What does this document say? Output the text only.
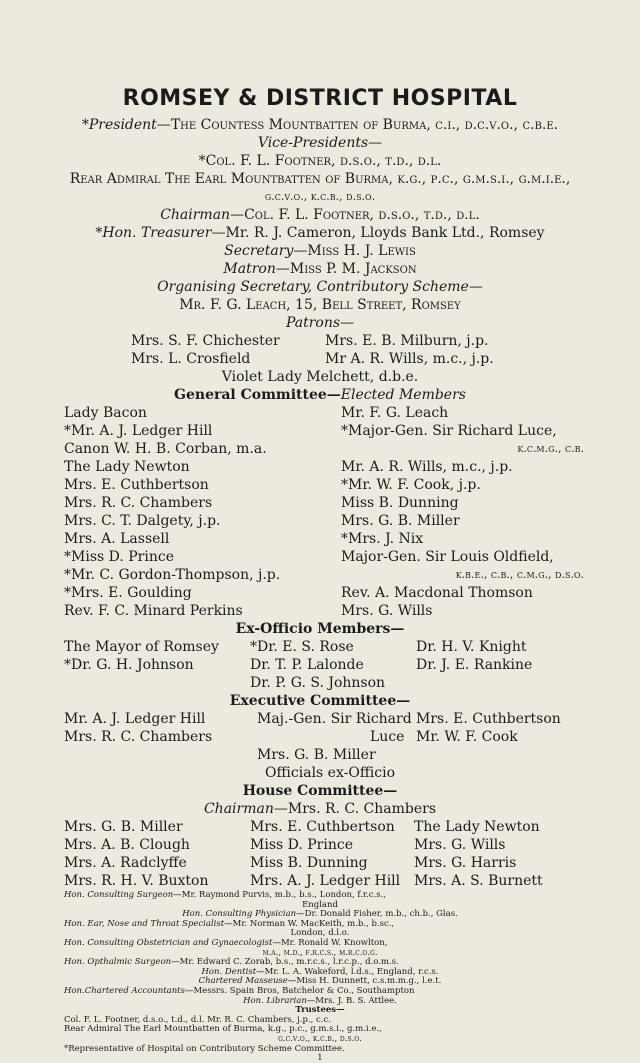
ROMSEY & DISTRICT HOSPITAL
*President—The Countess Mountbatten of Burma, c.i., d.c.v.o., c.b.e.
Vice-Presidents—
*Col. F. L. Footner, d.s.o., t.d., d.l.
Rear Admiral The Earl Mountbatten of Burma, k.g., p.c., g.m.s.i., g.m.i.e.,
g.c.v.o., k.c.b., d.s.o.
Chairman—Col. F. L. Footner, d.s.o., t.d., d.l.
*Hon. Treasurer—Mr. R. J. Cameron, Lloyds Bank Ltd., Romsey
Secretary—Miss H. J. Lewis
Matron—Miss P. M. Jackson
Organising Secretary, Contributory Scheme—
Mr. F. G. Leach, 15, Bell Street, Romsey
Patrons—
Mrs. S. F. Chichester
Mrs. L. Crosfield
Mrs. E. B. Milburn, j.p.
Mr A. R. Wills, m.c., j.p.
Violet Lady Melchett, d.b.e.
General Committee—Elected Members
Lady Bacon
*Mr. A. J. Ledger Hill
Canon W. H. B. Corban, m.a.
The Lady Newton
Mrs. E. Cuthbertson
Mrs. R. C. Chambers
Mrs. C. T. Dalgety, j.p.
Mrs. A. Lassell
*Miss D. Prince
*Mr. C. Gordon-Thompson, j.p.
*Mrs. E. Goulding
Rev. F. C. Minard Perkins
Mr. F. G. Leach
*Major-Gen. Sir Richard Luce,
k.c.m.g., c.b.
Mr. A. R. Wills, m.c., j.p.
*Mr. W. F. Cook, j.p.
Miss B. Dunning
Mrs. G. B. Miller
*Mrs. J. Nix
Major-Gen. Sir Louis Oldfield,
k.b.e., c.b., c.m.g., d.s.o.
Rev. A. Macdonal Thomson
Mrs. G. Wills
Ex-Officio Members—
The Mayor of Romsey
*Dr. G. H. Johnson
*Dr. E. S. Rose
Dr. T. P. Lalonde
Dr. P. G. S. Johnson
Dr. H. V. Knight
Dr. J. E. Rankine
Executive Committee—
Mr. A. J. Ledger Hill
Mrs. R. C. Chambers
Maj.-Gen. Sir Richard
Luce
Mrs. E. Cuthbertson
Mr. W. F. Cook
Mrs. G. B. Miller
Officials ex-Officio
House Committee—
Chairman—Mrs. R. C. Chambers
Mrs. G. B. Miller
Mrs. A. B. Clough
Mrs. A. Radclyffe
Mrs. R. H. V. Buxton
Mrs. E. Cuthbertson
Miss D. Prince
Miss B. Dunning
Mrs. A. J. Ledger Hill
The Lady Newton
Mrs. G. Wills
Mrs. G. Harris
Mrs. A. S. Burnett
Hon. Consulting Surgeon—Mr. Raymond Purvis, m.b., b.s., London, f.r.c.s.,
England
Hon. Consulting Physician—Dr. Donald Fisher, m.b., ch.b., Glas.
Hon. Ear, Nose and Throat Specialist—Mr. Norman W. MacKeith, m.b., b.sc.,
London, d.l.o.
Hon. Consulting Obstetrician and Gynaecologist—Mr. Ronald W. Knowlton,
m.a., m.d., f.r.c.s., m.r.c.o.g.
Hon. Opthalmic Surgeon—Mr. Edward C. Zorab, b.s., m.r.c.s., l.r.c.p., d.o.m.s.
Hon. Dentist—Mr. L. A. Wakeford, l.d.s., England, r.c.s.
Chartered Masseuse—Miss H. Dunnett, c.s.m.m.g., l.e.t.
Hon.Chartered Accountants—Messrs. Spain Bros, Batchelor & Co., Southampton
Hon. Librarian—Mrs. J. B. S. Attlee.
Trustees—
Col. F. L. Footner, d.s.o., t.d., d.l. Mr. R. C. Chambers, j.p., c.c.
Rear Admiral The Earl Mountbatten of Burma, k.g., p.c., g.m.s.i., g.m.i.e.,
g.c.v.o., k.c.b., d.s.o.
*Representative of Hospital on Contributory Scheme Committee.
1
